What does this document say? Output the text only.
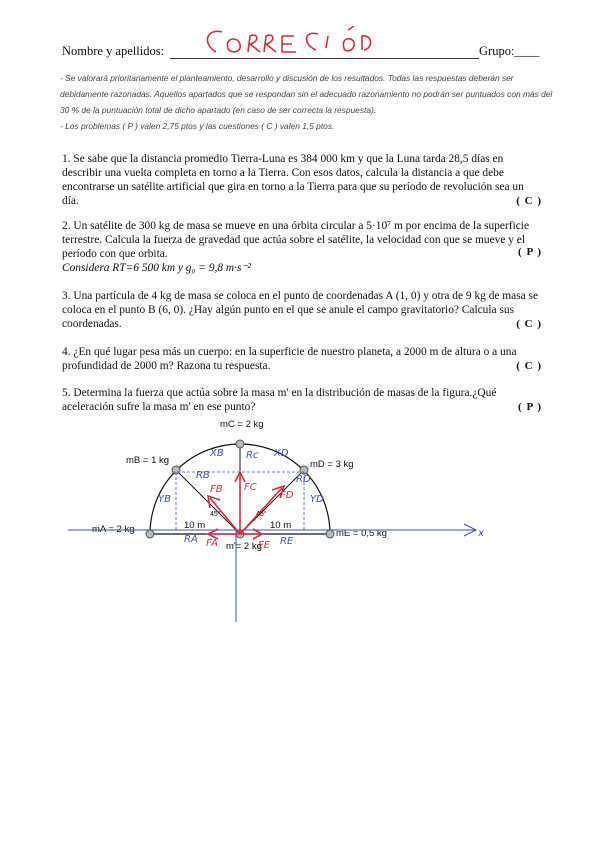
Nombre y apellidos:	Grupo:____

- Se valorará prioritariamente el planteamiento, desarrollo y discusión de los resultados. Todas las respuestas deberán ser debidamente razonadas. Aquellos apartados que se respondan sin el adecuado razonamiento no podrán ser puntuados con más del 30 % de la puntuación total de dicho apartado (en caso de ser correcta la respuesta).

- Los problemas ( P ) valen 2,75 ptos y las cuestiones ( C ) valen 1,5 ptos.

1. Se sabe que la distancia promedio Tierra-Luna es 384 000 km y que la Luna tarda 28,5 días en describir una vuelta completa en torno a la Tierra. Con esos datos, calcula la distancia a que debe encontrarse un satélite artificial que gira en torno a la Tierra para que su período de revolución sea un día.	( C )

2. Un satélite de 300 kg de masa se mueve en una órbita circular a 5·10⁷ m por encima de la superficie terrestre. Calcula la fuerza de gravedad que actúa sobre el satélite, la velocidad con que se mueve y el período con que orbita.

Considera RT=6 500 km y g₀ = 9,8 m·s⁻²

( P )

3. Una partícula de 4 kg de masa se coloca en el punto de coordenadas A (1, 0) y otra de 9 kg de masa se coloca en el punto B (6, 0). ¿Hay algún punto en el que se anule el campo gravitatorio? Calcula sus coordenadas.	( C )

4. ¿En qué lugar pesa más un cuerpo: en la superficie de nuestro planeta, a 2000 m de altura o a una profundidad de 2000 m? Razona tu respuesta.	( C )

5. Determina la fuerza que actúa sobre la masa m' en la distribución de masas de la figura.¿Qué aceleración sufre la masa m' en ese punto?	( P )
mC = 2 kg
mB = 1 kg	mD = 3 kg
mA = 2 kg	mE = 0,5 kg
m'= 2 kg
10 m	10 m
45°	45°
XB	XD
Rc
YB	YD
RB	RD
FB FC
FD
RA FA	FE RE
x
